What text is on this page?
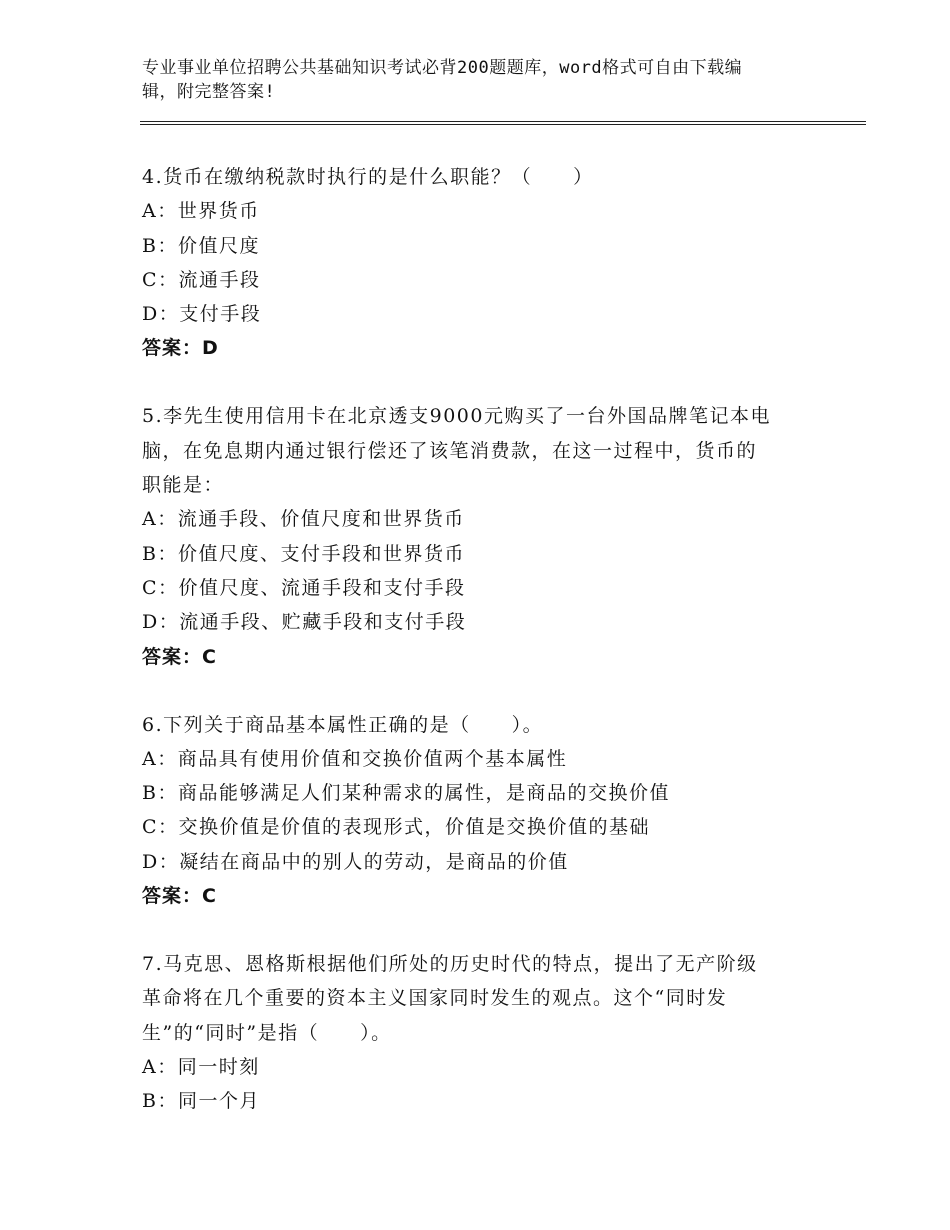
专业事业单位招聘公共基础知识考试必背200题题库，word格式可自由下载编
辑，附完整答案!
4.货币在缴纳税款时执行的是什么职能？（　　）
A：世界货币
B：价值尺度
C：流通手段
D：支付手段
答案：D
5.李先生使用信用卡在北京透支9000元购买了一台外国品牌笔记本电
脑，在免息期内通过银行偿还了该笔消费款，在这一过程中，货币的
职能是：
A：流通手段、价值尺度和世界货币
B：价值尺度、支付手段和世界货币
C：价值尺度、流通手段和支付手段
D：流通手段、贮藏手段和支付手段
答案：C
6.下列关于商品基本属性正确的是（　　）。
A：商品具有使用价值和交换价值两个基本属性
B：商品能够满足人们某种需求的属性，是商品的交换价值
C：交换价值是价值的表现形式，价值是交换价值的基础
D：凝结在商品中的别人的劳动，是商品的价值
答案：C
7.马克思、恩格斯根据他们所处的历史时代的特点，提出了无产阶级
革命将在几个重要的资本主义国家同时发生的观点。这个“同时发
生”的“同时”是指（　　）。
A：同一时刻
B：同一个月
